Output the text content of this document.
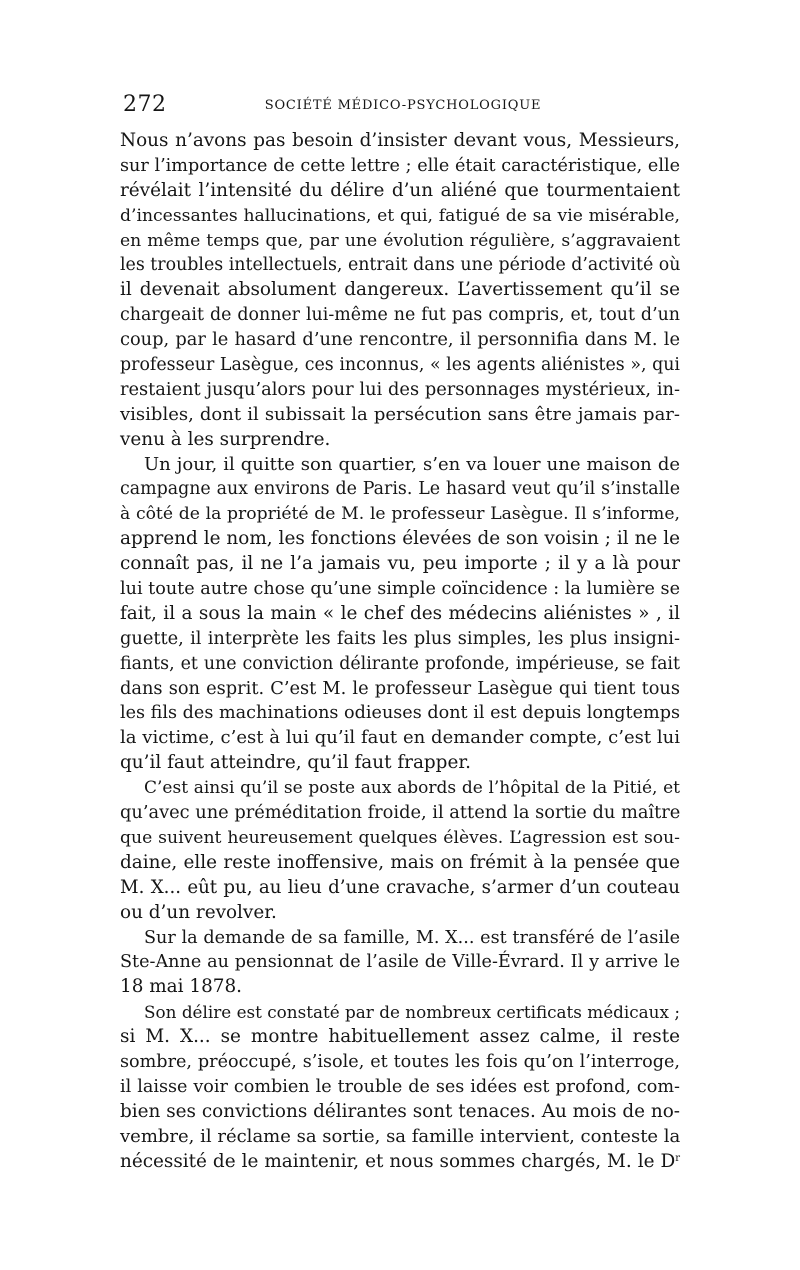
272	SOCIÉTÉ MÉDICO-PSYCHOLOGIQUE
Nous n’avons pas besoin d’insister devant vous, Messieurs,
sur l’importance de cette lettre ; elle était caractéristique, elle
révélait l’intensité du délire d’un aliéné que tourmentaient
d’incessantes hallucinations, et qui, fatigué de sa vie misérable,
en même temps que, par une évolution régulière, s’aggravaient
les troubles intellectuels, entrait dans une période d’activité où
il devenait absolument dangereux. L’avertissement qu’il se
chargeait de donner lui-même ne fut pas compris, et, tout d’un
coup, par le hasard d’une rencontre, il personnifia dans M. le
professeur Lasègue, ces inconnus, « les agents aliénistes », qui
restaient jusqu’alors pour lui des personnages mystérieux, in-
visibles, dont il subissait la persécution sans être jamais par-
venu à les surprendre.
Un jour, il quitte son quartier, s’en va louer une maison de
campagne aux environs de Paris. Le hasard veut qu’il s’installe
à côté de la propriété de M. le professeur Lasègue. Il s’informe,
apprend le nom, les fonctions élevées de son voisin ; il ne le
connaît pas, il ne l’a jamais vu, peu importe ; il y a là pour
lui toute autre chose qu’une simple coïncidence : la lumière se
fait, il a sous la main « le chef des médecins aliénistes » , il
guette, il interprète les faits les plus simples, les plus insigni-
fiants, et une conviction délirante profonde, impérieuse, se fait
dans son esprit. C’est M. le professeur Lasègue qui tient tous
les fils des machinations odieuses dont il est depuis longtemps
la victime, c’est à lui qu’il faut en demander compte, c’est lui
qu’il faut atteindre, qu’il faut frapper.
C’est ainsi qu’il se poste aux abords de l’hôpital de la Pitié, et
qu’avec une préméditation froide, il attend la sortie du maître
que suivent heureusement quelques élèves. L’agression est sou-
daine, elle reste inoffensive, mais on frémit à la pensée que
M. X... eût pu, au lieu d’une cravache, s’armer d’un couteau
ou d’un revolver.
Sur la demande de sa famille, M. X... est transféré de l’asile
Ste-Anne au pensionnat de l’asile de Ville-Évrard. Il y arrive le
18 mai 1878.
Son délire est constaté par de nombreux certificats médicaux ;
si M. X... se montre habituellement assez calme, il reste
sombre, préoccupé, s’isole, et toutes les fois qu’on l’interroge,
il laisse voir combien le trouble de ses idées est profond, com-
bien ses convictions délirantes sont tenaces. Au mois de no-
vembre, il réclame sa sortie, sa famille intervient, conteste la
nécessité de le maintenir, et nous sommes chargés, M. le $D^r$
